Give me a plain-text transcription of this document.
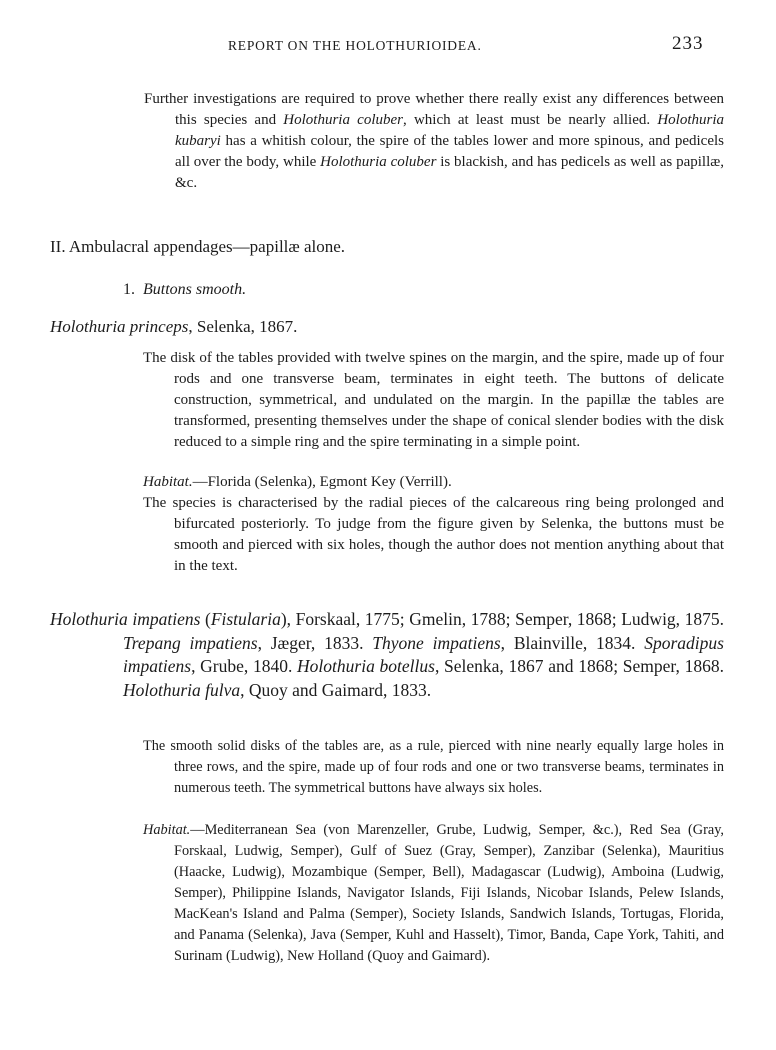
REPORT ON THE HOLOTHURIOIDEA.	233
Further investigations are required to prove whether there really exist any differences between this species and Holothuria coluber, which at least must be nearly allied. Holothuria kubaryi has a whitish colour, the spire of the tables lower and more spinous, and pedicels all over the body, while Holothuria coluber is blackish, and has pedicels as well as papillæ, &c.
II. Ambulacral appendages—papillæ alone.
1. Buttons smooth.
Holothuria princeps, Selenka, 1867.
The disk of the tables provided with twelve spines on the margin, and the spire, made up of four rods and one transverse beam, terminates in eight teeth. The buttons of delicate construction, symmetrical, and undulated on the margin. In the papillæ the tables are transformed, presenting themselves under the shape of conical slender bodies with the disk reduced to a simple ring and the spire terminating in a simple point.
Habitat.—Florida (Selenka), Egmont Key (Verrill).
The species is characterised by the radial pieces of the calcareous ring being prolonged and bifurcated posteriorly. To judge from the figure given by Selenka, the buttons must be smooth and pierced with six holes, though the author does not mention anything about that in the text.
Holothuria impatiens (Fistularia), Forskaal, 1775; Gmelin, 1788; Semper, 1868; Ludwig, 1875. Trepang impatiens, Jæger, 1833. Thyone impatiens, Blainville, 1834. Sporadipus impatiens, Grube, 1840. Holothuria botellus, Selenka, 1867 and 1868; Semper, 1868. Holothuria fulva, Quoy and Gaimard, 1833.
The smooth solid disks of the tables are, as a rule, pierced with nine nearly equally large holes in three rows, and the spire, made up of four rods and one or two transverse beams, terminates in numerous teeth. The symmetrical buttons have always six holes.
Habitat.—Mediterranean Sea (von Marenzeller, Grube, Ludwig, Semper, &c.), Red Sea (Gray, Forskaal, Ludwig, Semper), Gulf of Suez (Gray, Semper), Zanzibar (Selenka), Mauritius (Haacke, Ludwig), Mozambique (Semper, Bell), Madagascar (Ludwig), Amboina (Ludwig, Semper), Philippine Islands, Navigator Islands, Fiji Islands, Nicobar Islands, Pelew Islands, MacKean's Island and Palma (Semper), Society Islands, Sandwich Islands, Tortugas, Florida, and Panama (Selenka), Java (Semper, Kuhl and Hasselt), Timor, Banda, Cape York, Tahiti, and Surinam (Ludwig), New Holland (Quoy and Gaimard).
